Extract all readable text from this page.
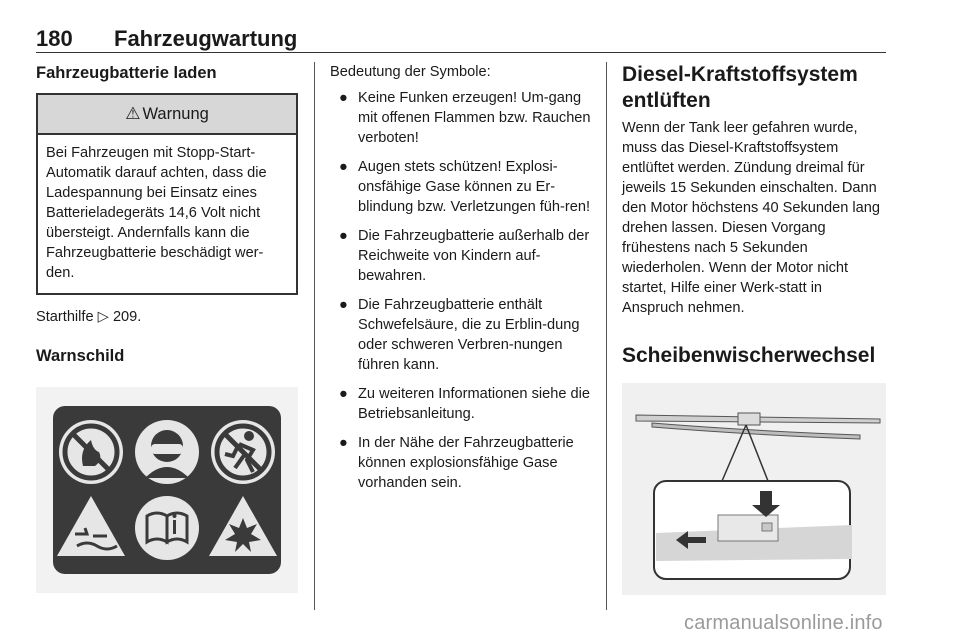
180	Fahrzeugwartung
Fahrzeugbatterie laden
⚠ Warnung
Bei Fahrzeugen mit Stopp-Start-Automatik darauf achten, dass die Ladespannung bei Einsatz eines Batterieladegeräts 14,6 Volt nicht übersteigt. Andernfalls kann die Fahrzeugbatterie beschädigt wer-den.

Starthilfe ▷ 209.

Warnschild

Bedeutung der Symbole:

● Keine Funken erzeugen! Um-gang mit offenen Flammen bzw. Rauchen verboten!
● Augen stets schützen! Explosi-onsfähige Gase können zu Er-blindung bzw. Verletzungen füh-ren!
● Die Fahrzeugbatterie außerhalb der Reichweite von Kindern auf-bewahren.
● Die Fahrzeugbatterie enthält Schwefelsäure, die zu Erblin-dung oder schweren Verbren-nungen führen kann.
● Zu weiteren Informationen siehe die Betriebsanleitung.
● In der Nähe der Fahrzeugbatterie können explosionsfähige Gase vorhanden sein.
Diesel-Kraftstoffsystem entlüften

Wenn der Tank leer gefahren wurde, muss das Diesel-Kraftstoffsystem entlüftet werden. Zündung dreimal für jeweils 15 Sekunden einschalten. Dann den Motor höchstens 40 Sekunden lang drehen lassen. Diesen Vorgang frühestens nach 5 Sekunden wiederholen. Wenn der Motor nicht startet, Hilfe einer Werk-statt in Anspruch nehmen.

Scheibenwischerwechsel
carmanualsonline.info
